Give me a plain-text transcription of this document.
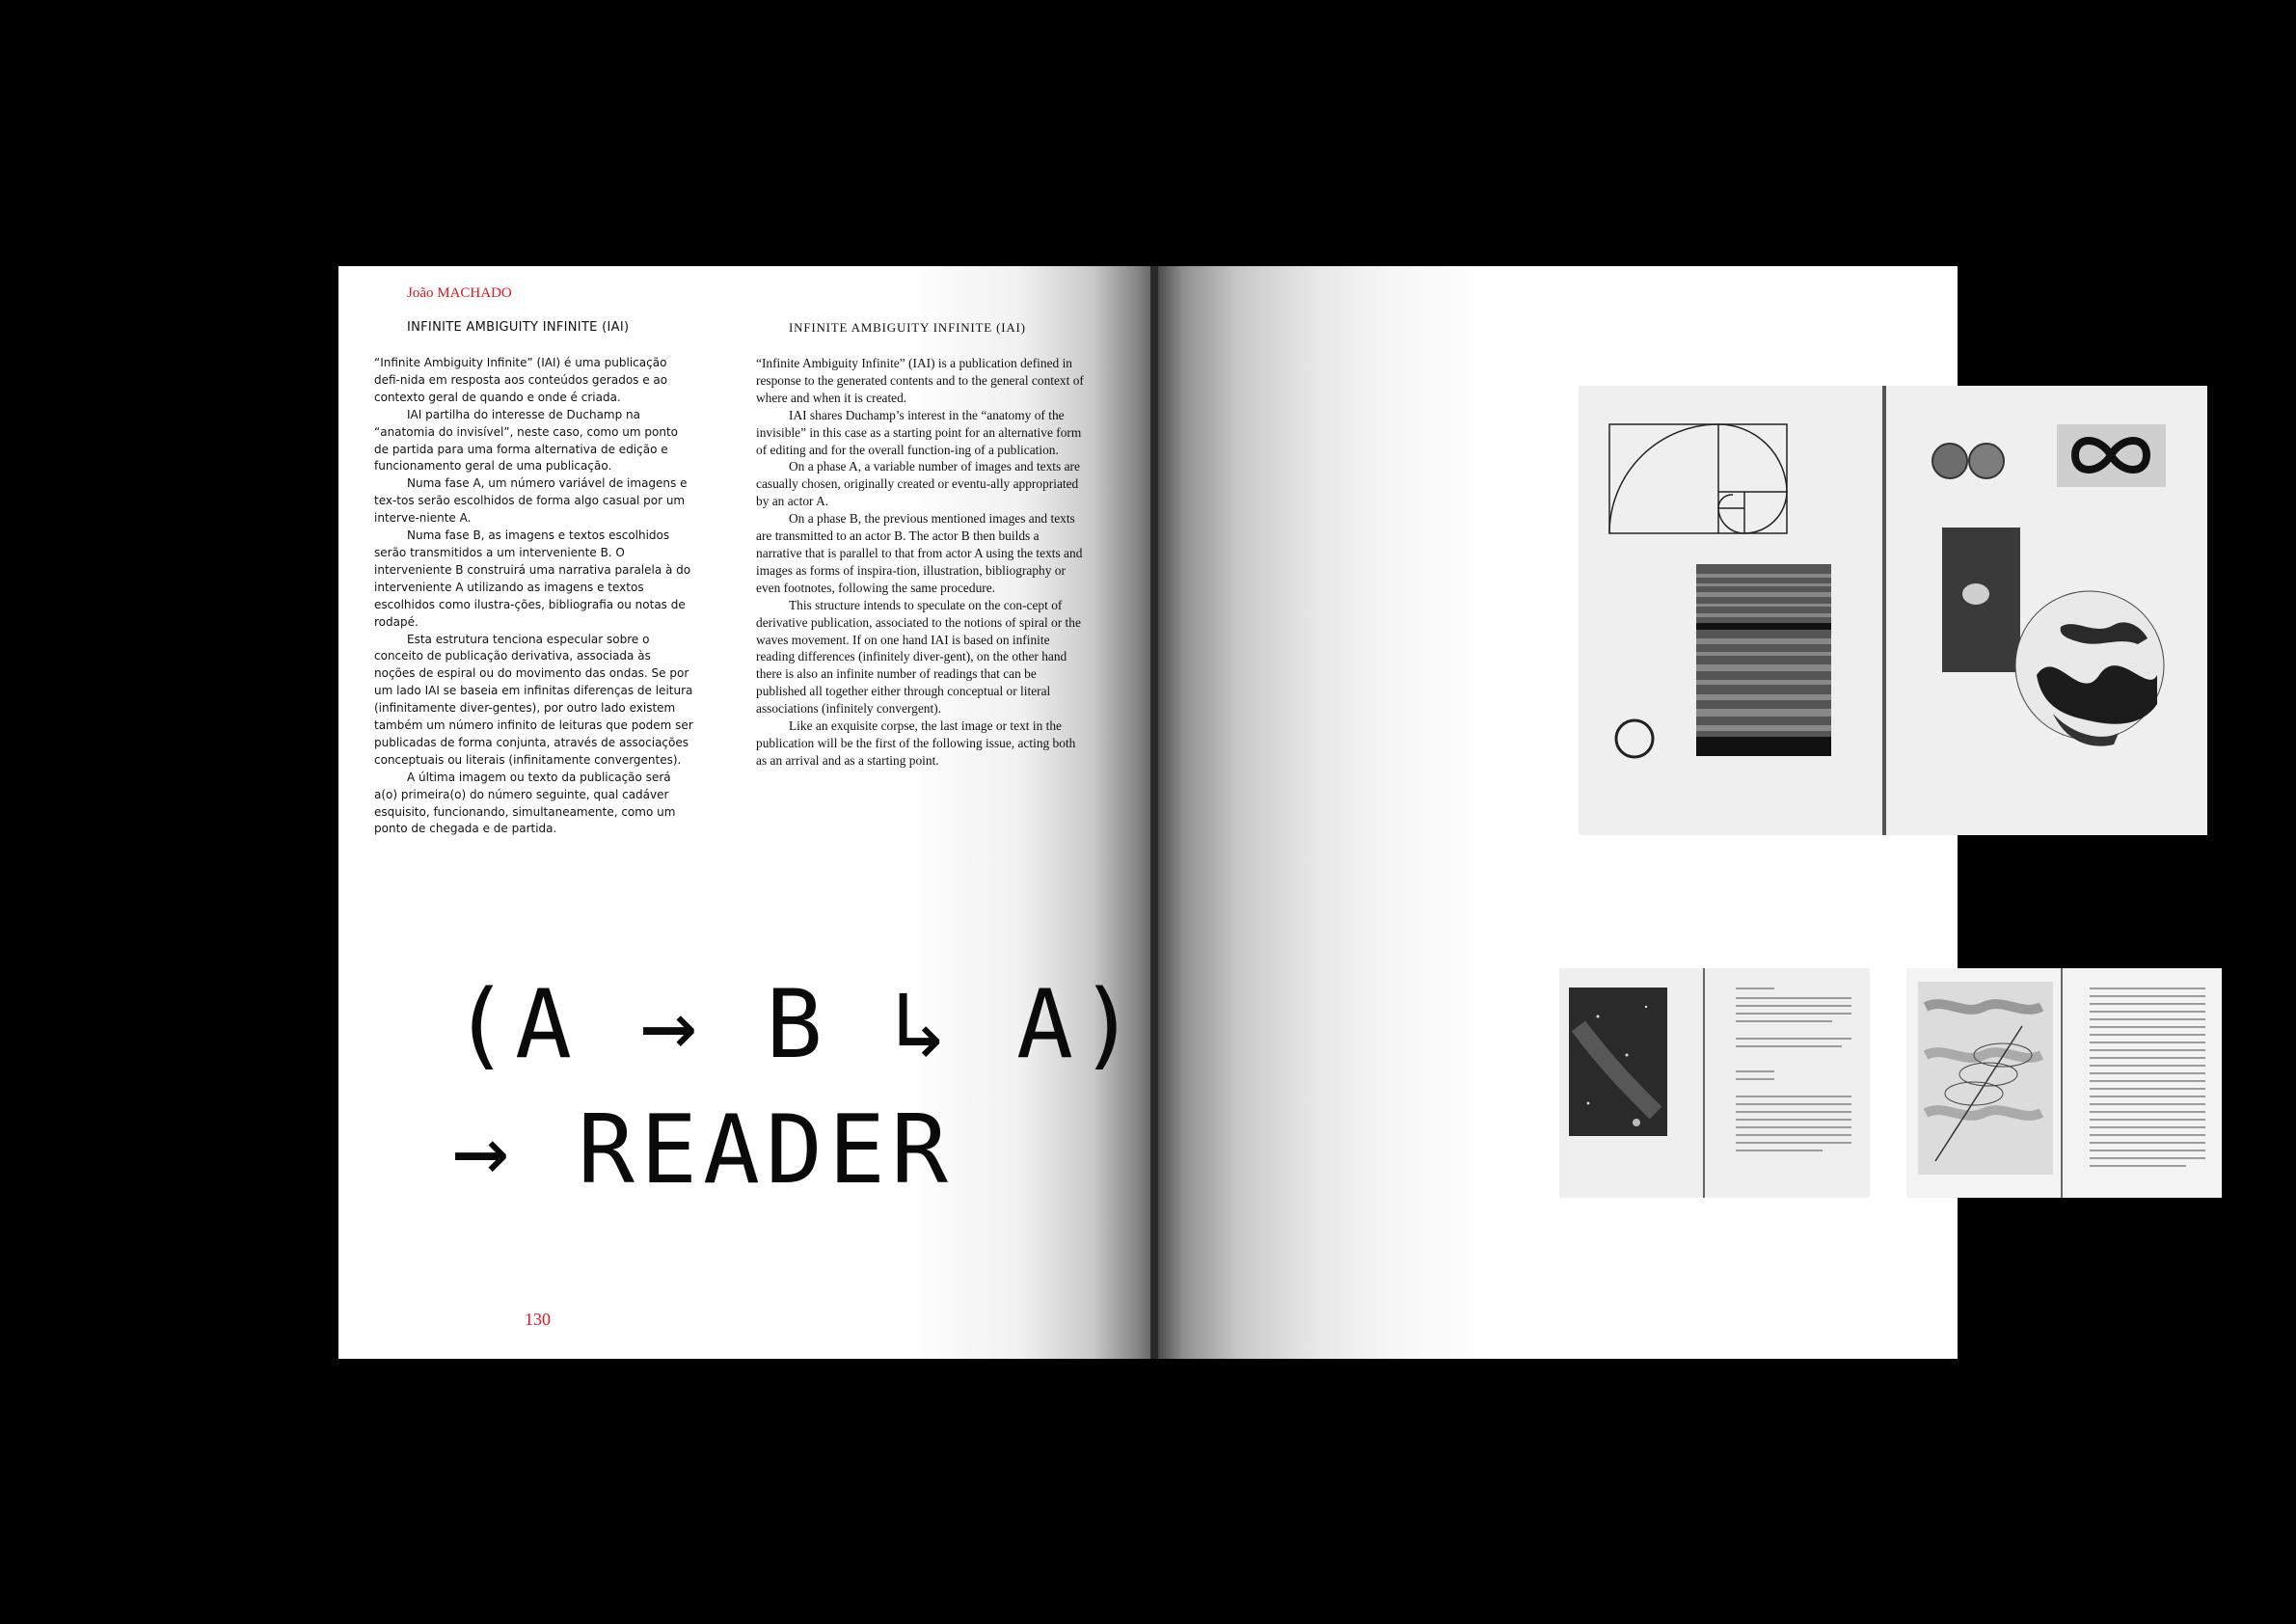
João MACHADO
INFINITE AMBIGUITY INFINITE (IAI)	INFINITE AMBIGUITY INFINITE (IAI)

“Infinite Ambiguity Infinite” (IAI) é uma publicação defi-nida em resposta aos conteúdos gerados e ao contexto geral de quando e onde é criada.

IAI partilha do interesse de Duchamp na “anatomia do invisível”, neste caso, como um ponto de partida para uma forma alternativa de edição e funcionamento geral de uma publicação.

Numa fase A, um número variável de imagens e tex-tos serão escolhidos de forma algo casual por um interve-niente A.

Numa fase B, as imagens e textos escolhidos serão transmitidos a um interveniente B. O interveniente B construirá uma narrativa paralela à do interveniente A utilizando as imagens e textos escolhidos como ilustra-ções, bibliografia ou notas de rodapé.

Esta estrutura tenciona especular sobre o conceito de publicação derivativa, associada às noções de espiral ou do movimento das ondas. Se por um lado IAI se baseia em infinitas diferenças de leitura (infinitamente diver-gentes), por outro lado existem também um número infinito de leituras que podem ser publicadas de forma conjunta, através de associações conceptuais ou literais (infinitamente convergentes).

A última imagem ou texto da publicação será a(o) primeira(o) do número seguinte, qual cadáver esquisito, funcionando, simultaneamente, como um ponto de chegada e de partida.

“Infinite Ambiguity Infinite” (IAI) is a publication defined in response to the generated contents and to the general context of where and when it is created.

IAI shares Duchamp’s interest in the “anatomy of the invisible” in this case as a starting point for an alternative form of editing and for the overall function-ing of a publication.

On a phase A, a variable number of images and texts are casually chosen, originally created or eventu-ally appropriated by an actor A.

On a phase B, the previous mentioned images and texts are transmitted to an actor B. The actor B then builds a narrative that is parallel to that from actor A using the texts and images as forms of inspira-tion, illustration, bibliography or even footnotes, following the same procedure.

This structure intends to speculate on the con-cept of derivative publication, associated to the notions of spiral or the waves movement. If on one hand IAI is based on infinite reading differences (infinitely diver-gent), on the other hand there is also an infinite number of readings that can be published all together either through conceptual or literal associations (infinitely convergent).

Like an exquisite corpse, the last image or text in the publication will be the first of the following issue, acting both as an arrival and as a starting point.

(A → B ↳ A)
→ READER
130
